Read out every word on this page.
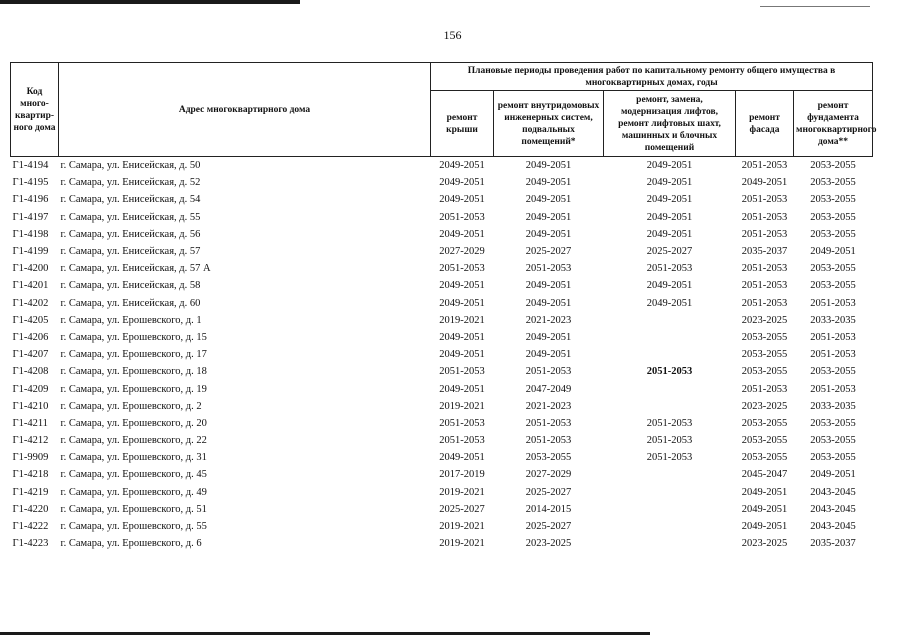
156
Код много-квартир-ного дома	Адрес многоквартирного дома	Плановые периоды проведения работ по капитальному ремонту общего имущества в многоквартирных домах, годы				
		ремонт крыши	ремонт внутридомовых инженерных систем, подвальных помещений*	ремонт, замена, модернизация лифтов, ремонт лифтовых шахт, машинных и блочных помещений	ремонт фасада	ремонт фундамента многоквартирного дома**
Г1-4194	г. Самара, ул. Енисейская, д. 50	2049-2051	2049-2051	2049-2051	2051-2053	2053-2055
Г1-4195	г. Самара, ул. Енисейская, д. 52	2049-2051	2049-2051	2049-2051	2049-2051	2053-2055
Г1-4196	г. Самара, ул. Енисейская, д. 54	2049-2051	2049-2051	2049-2051	2051-2053	2053-2055
Г1-4197	г. Самара, ул. Енисейская, д. 55	2051-2053	2049-2051	2049-2051	2051-2053	2053-2055
Г1-4198	г. Самара, ул. Енисейская, д. 56	2049-2051	2049-2051	2049-2051	2051-2053	2053-2055
Г1-4199	г. Самара, ул. Енисейская, д. 57	2027-2029	2025-2027	2025-2027	2035-2037	2049-2051
Г1-4200	г. Самара, ул. Енисейская, д. 57 А	2051-2053	2051-2053	2051-2053	2051-2053	2053-2055
Г1-4201	г. Самара, ул. Енисейская, д. 58	2049-2051	2049-2051	2049-2051	2051-2053	2053-2055
Г1-4202	г. Самара, ул. Енисейская, д. 60	2049-2051	2049-2051	2049-2051	2051-2053	2051-2053
Г1-4205	г. Самара, ул. Ерошевского, д. 1	2019-2021	2021-2023		2023-2025	2033-2035
Г1-4206	г. Самара, ул. Ерошевского, д. 15	2049-2051	2049-2051		2053-2055	2051-2053
Г1-4207	г. Самара, ул. Ерошевского, д. 17	2049-2051	2049-2051		2053-2055	2051-2053
Г1-4208	г. Самара, ул. Ерошевского, д. 18	2051-2053	2051-2053	2051-2053	2053-2055	2053-2055
Г1-4209	г. Самара, ул. Ерошевского, д. 19	2049-2051	2047-2049		2051-2053	2051-2053
Г1-4210	г. Самара, ул. Ерошевского, д. 2	2019-2021	2021-2023		2023-2025	2033-2035
Г1-4211	г. Самара, ул. Ерошевского, д. 20	2051-2053	2051-2053	2051-2053	2053-2055	2053-2055
Г1-4212	г. Самара, ул. Ерошевского, д. 22	2051-2053	2051-2053	2051-2053	2053-2055	2053-2055
Г1-9909	г. Самара, ул. Ерошевского, д. 31	2049-2051	2053-2055	2051-2053	2053-2055	2053-2055
Г1-4218	г. Самара, ул. Ерошевского, д. 45	2017-2019	2027-2029		2045-2047	2049-2051
Г1-4219	г. Самара, ул. Ерошевского, д. 49	2019-2021	2025-2027		2049-2051	2043-2045
Г1-4220	г. Самара, ул. Ерошевского, д. 51	2025-2027	2014-2015		2049-2051	2043-2045
Г1-4222	г. Самара, ул. Ерошевского, д. 55	2019-2021	2025-2027		2049-2051	2043-2045
Г1-4223	г. Самара, ул. Ерошевского, д. 6	2019-2021	2023-2025		2023-2025	2035-2037
